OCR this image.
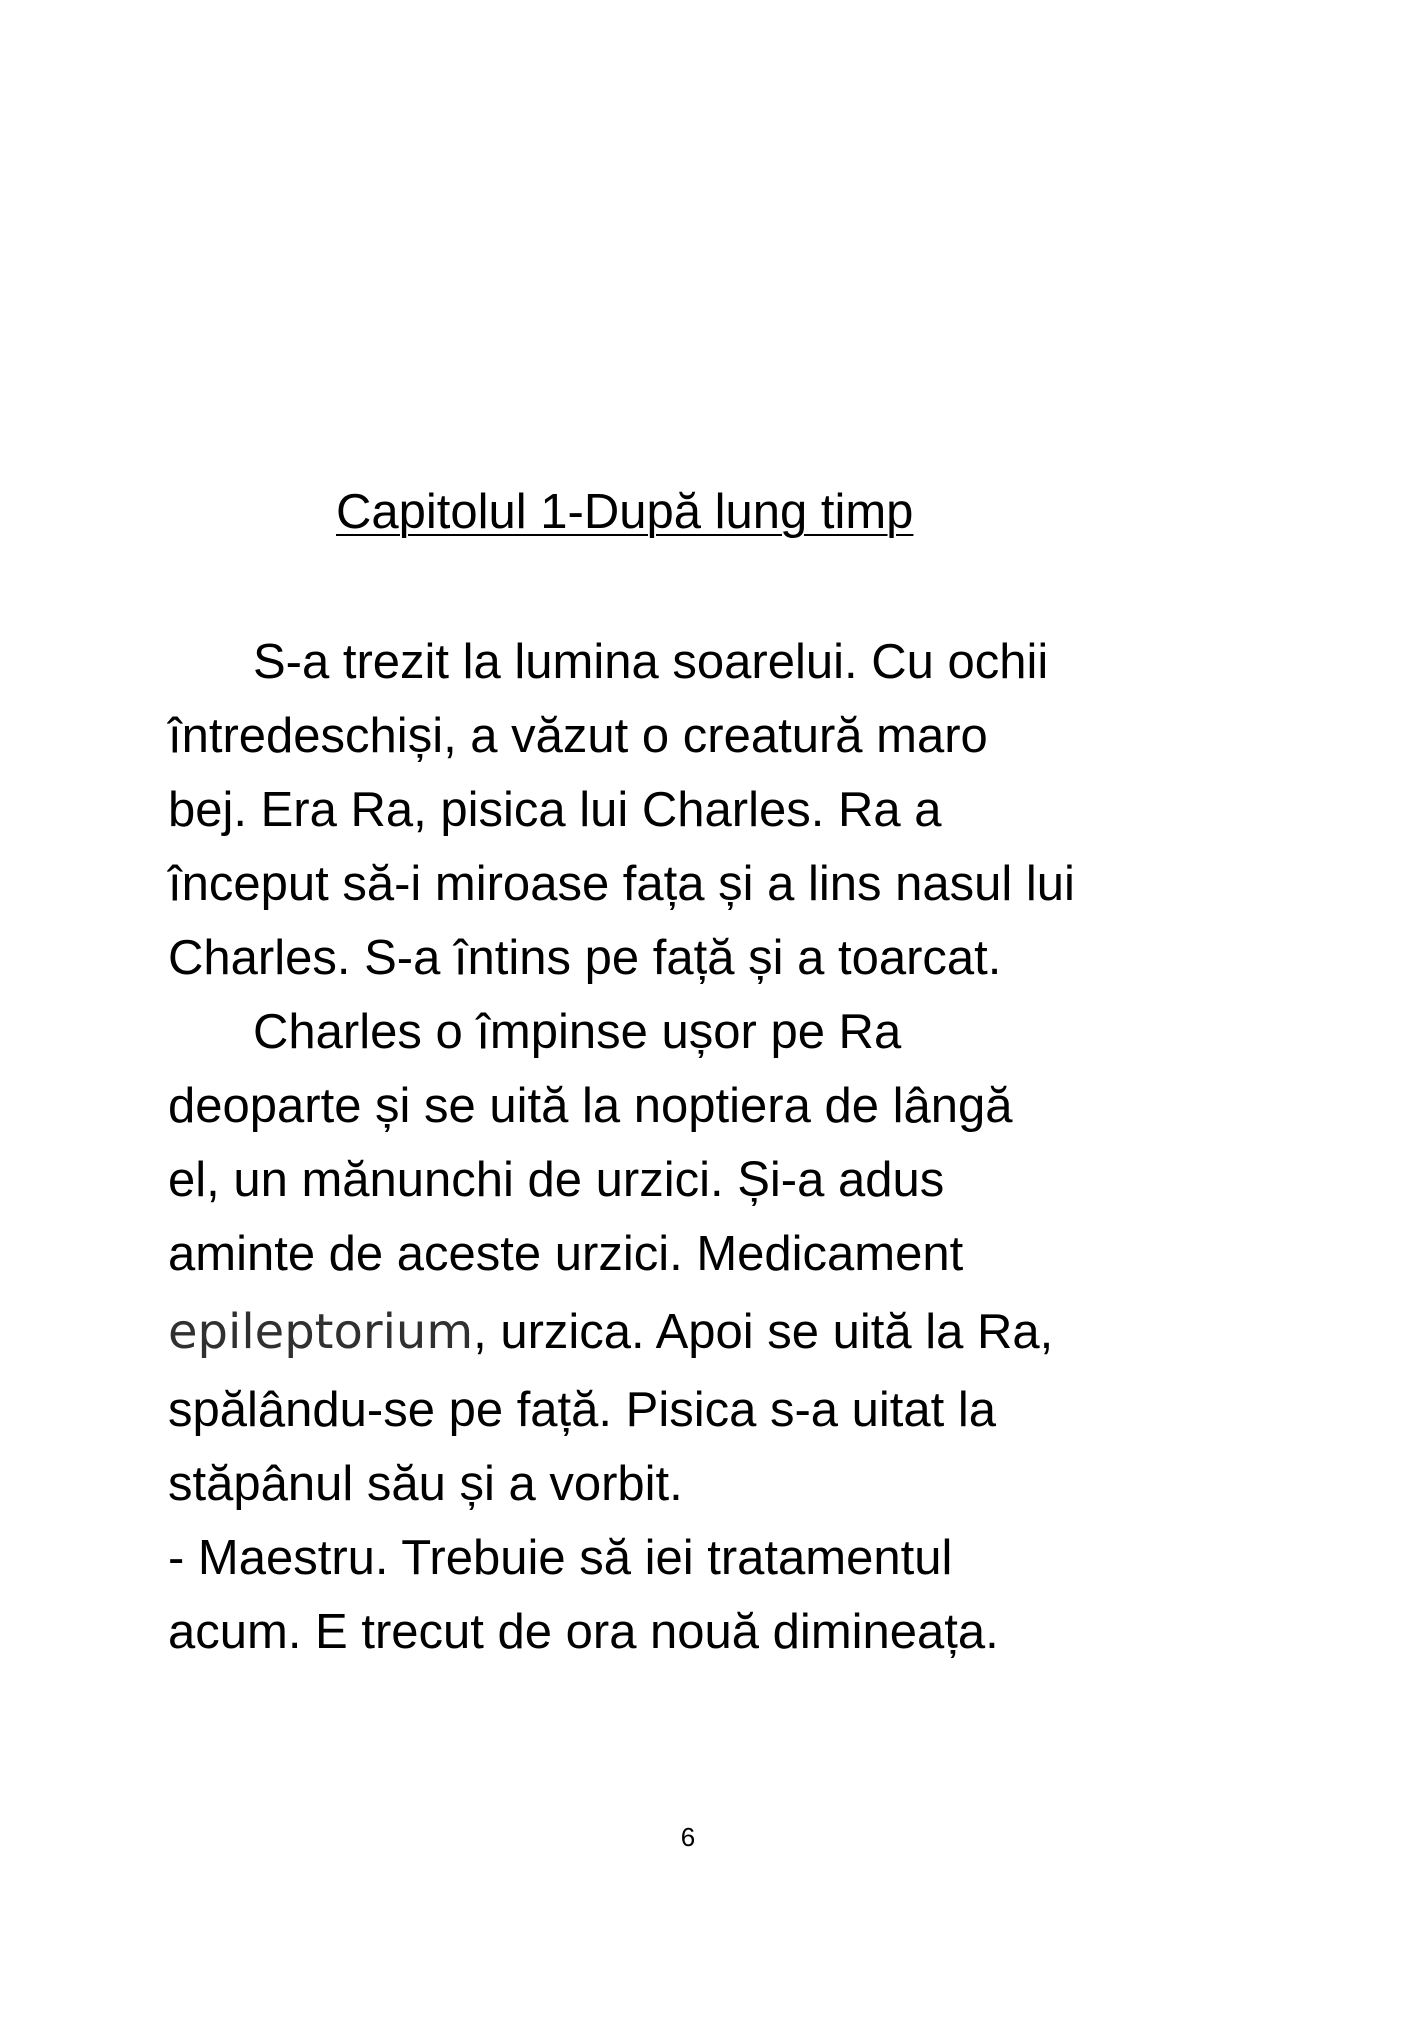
Capitolul 1-După lung timp

S-a trezit la lumina soarelui. Cu ochii

întredeschiși, a văzut o creatură maro

bej. Era Ra, pisica lui Charles. Ra a

început să-i miroase fața și a lins nasul lui

Charles. S-a întins pe față și a toarcat.

Charles o împinse ușor pe Ra

deoparte și se uită la noptiera de lângă

el, un mănunchi de urzici. Și-a adus

aminte de aceste urzici. Medicament

epileptorium, urzica. Apoi se uită la Ra,

spălându-se pe față. Pisica s-a uitat la

stăpânul său și a vorbit.

- Maestru. Trebuie să iei tratamentul

acum. E trecut de ora nouă dimineața.

6
